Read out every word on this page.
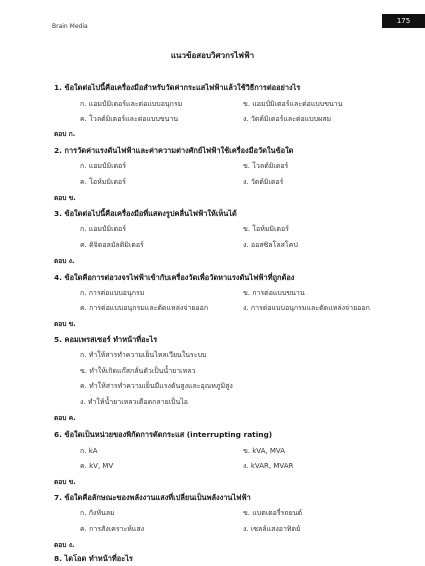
Brain Media
175
แนวข้อสอบวิศวกรไฟฟ้า
1. ข้อใดต่อไปนี้คือเครื่องมือสำหรับวัดค่ากระแสไฟฟ้าแล้วใช้วิธีการต่ออย่างไร
ก. แอมป์มิเตอร์และต่อแบบอนุกรม	ข. แอมป์มิเตอร์และต่อแบบขนาน
ค. โวลต์มิเตอร์และต่อแบบขนาน	ง. วัตต์มิเตอร์และต่อแบบผสม
ตอบ ก.
2. การวัดค่าแรงดันไฟฟ้าและค่าความต่างศักย์ไฟฟ้าใช้เครื่องมือวัดในข้อใด
ก. แอมป์มิเตอร์	ข. โวลต์มิเตอร์
ค. โอห์มมิเตอร์	ง. วัตต์มิเตอร์
ตอบ ข.
3. ข้อใดต่อไปนี้คือเครื่องมือที่แสดงรูปคลื่นไฟฟ้าให้เห็นได้
ก. แอมป์มิเตอร์	ข. โอห์มมิเตอร์
ค. ดิจิตอลมัลติมิเตอร์	ง. ออสซิลโลสโคป
ตอบ ง.
4. ข้อใดคือการต่อวงจรไฟฟ้าเข้ากับเครื่องวัดเพื่อวัดหาแรงดันไฟฟ้าที่ถูกต้อง
ก. การต่อแบบอนุกรม	ข. การต่อแบบขนาน
ค. การต่อแบบอนุกรมและตัดแหล่งจ่ายออก	ง. การต่อแบบอนุกรมและตัดแหล่งจ่ายออก
ตอบ ข.
5. คอมเพรสเซอร์ ทำหน้าที่อะไร
ก. ทำให้สารทำความเย็นไหลเวียนในระบบ
ข. ทำให้เกิดแก๊สกลั่นตัวเป็นน้ำยาเหลว
ค. ทำให้สารทำความเย็นมีแรงดันสูงและอุณหภูมิสูง
ง. ทำให้น้ำยาเหลวเดือดกลายเป็นไอ
ตอบ ค.
6. ข้อใดเป็นหน่วยของพิกัดการตัดกระแส (interrupting rating)
ก. kA	ข. kVA, MVA
ค. kV, MV	ง. kVAR, MVAR
ตอบ ข.
7. ข้อใดคือลักษณะของพลังงานแสงที่เปลี่ยนเป็นพลังงานไฟฟ้า
ก. กังหันลม	ข. แบตเตอรี่รถยนต์
ค. การสังเคราะห์แสง	ง. เซลล์แสงอาทิตย์
ตอบ ง.
8. ไดโอด ทำหน้าที่อะไร
